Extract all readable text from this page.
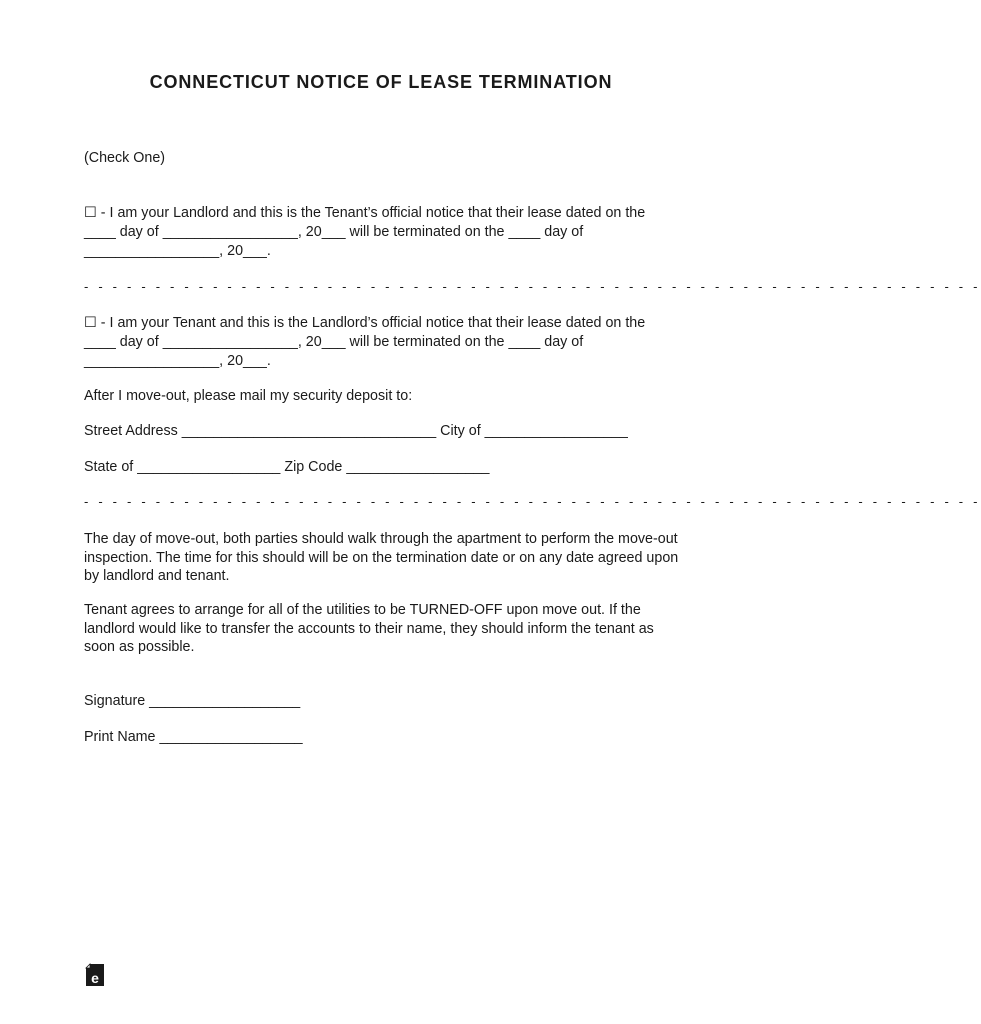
CONNECTICUT NOTICE OF LEASE TERMINATION
(Check One)
☐ - I am your Landlord and this is the Tenant’s official notice that their lease dated on the
____ day of _________________, 20___ will be terminated on the ____ day of
_________________, 20___.
- - - - - - - - - - - - - - - - - - - - - - - - - - - - - - - - - - - - - - - - - - - - - - - - - - - - - - - - - - - - - - -
☐ - I am your Tenant and this is the Landlord’s official notice that their lease dated on the
____ day of _________________, 20___ will be terminated on the ____ day of
_________________, 20___.
After I move-out, please mail my security deposit to:
Street Address ________________________________ City of __________________
State of __________________ Zip Code __________________
- - - - - - - - - - - - - - - - - - - - - - - - - - - - - - - - - - - - - - - - - - - - - - - - - - - - - - - - - - - - - - -
The day of move-out, both parties should walk through the apartment to perform the move-out inspection. The time for this should will be on the termination date or on any date agreed upon by landlord and tenant.
Tenant agrees to arrange for all of the utilities to be TURNED-OFF upon move out. If the landlord would like to transfer the accounts to their name, they should inform the tenant as soon as possible.
Signature ___________________
Print Name __________________
e
